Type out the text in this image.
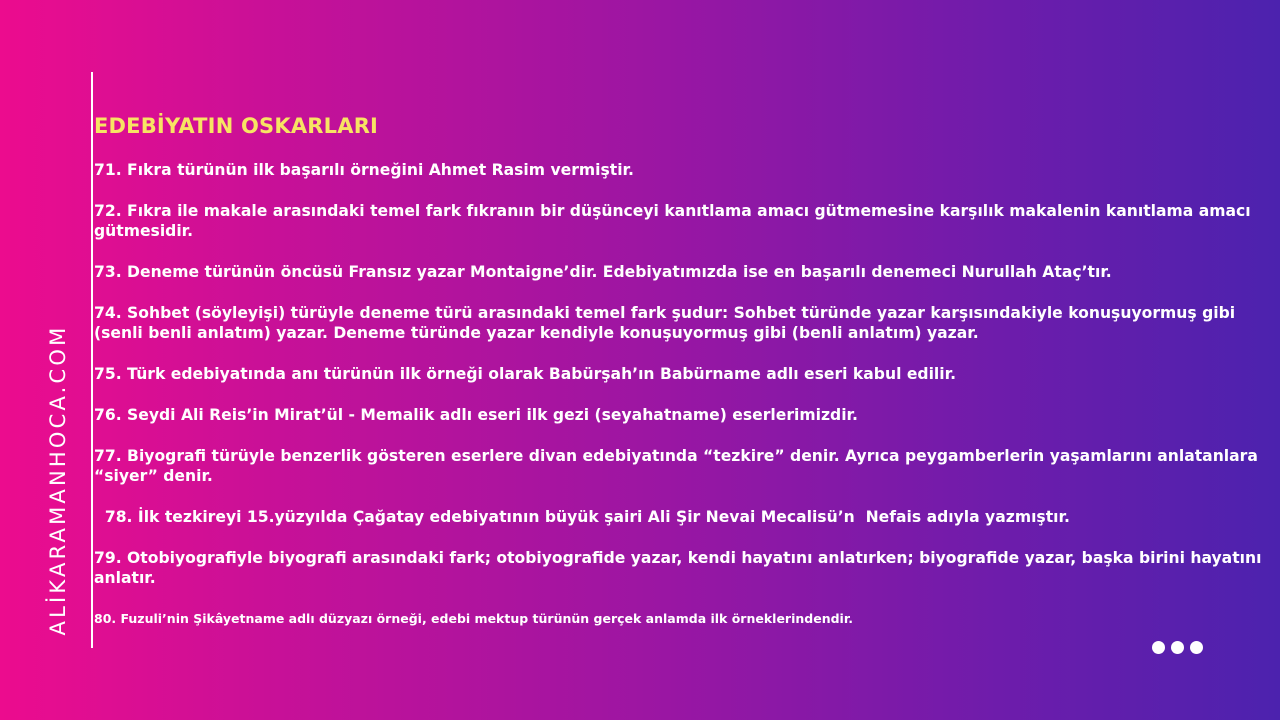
ALİKARAMANHOCA.COM
EDEBİYATIN OSKARLARI
71. Fıkra türünün ilk başarılı örneğini Ahmet Rasim vermiştir.
72. Fıkra ile makale arasındaki temel fark fıkranın bir düşünceyi kanıtlama amacı gütmemesine karşılık makalenin kanıtlama amacı gütmesidir.
73. Deneme türünün öncüsü Fransız yazar Montaigne’dir. Edebiyatımızda ise en başarılı denemeci Nurullah Ataç’tır.
74. Sohbet (söyleyişi) türüyle deneme türü arasındaki temel fark şudur: Sohbet türünde yazar karşısındakiyle konuşuyormuş gibi (senli benli anlatım) yazar. Deneme türünde yazar kendiyle konuşuyormuş gibi (benli anlatım) yazar.
75. Türk edebiyatında anı türünün ilk örneği olarak Babürşah’ın Babürname adlı eseri kabul edilir.
76. Seydi Ali Reis’in Mirat’ül - Memalik adlı eseri ilk gezi (seyahatname) eserlerimizdir.
77. Biyografi türüyle benzerlik gösteren eserlere divan edebiyatında “tezkire” denir. Ayrıca peygamberlerin yaşamlarını anlatanlara “siyer” denir.
78. İlk tezkireyi 15.yüzyılda Çağatay edebiyatının büyük şairi Ali Şir Nevai Mecalisü’n  Nefais adıyla yazmıştır.
79. Otobiyografiyle biyografi arasındaki fark; otobiyografide yazar, kendi hayatını anlatırken; biyografide yazar, başka birini hayatını anlatır.
80. Fuzuli’nin Şikâyetname adlı düzyazı örneği, edebi mektup türünün gerçek anlamda ilk örneklerindendir.
